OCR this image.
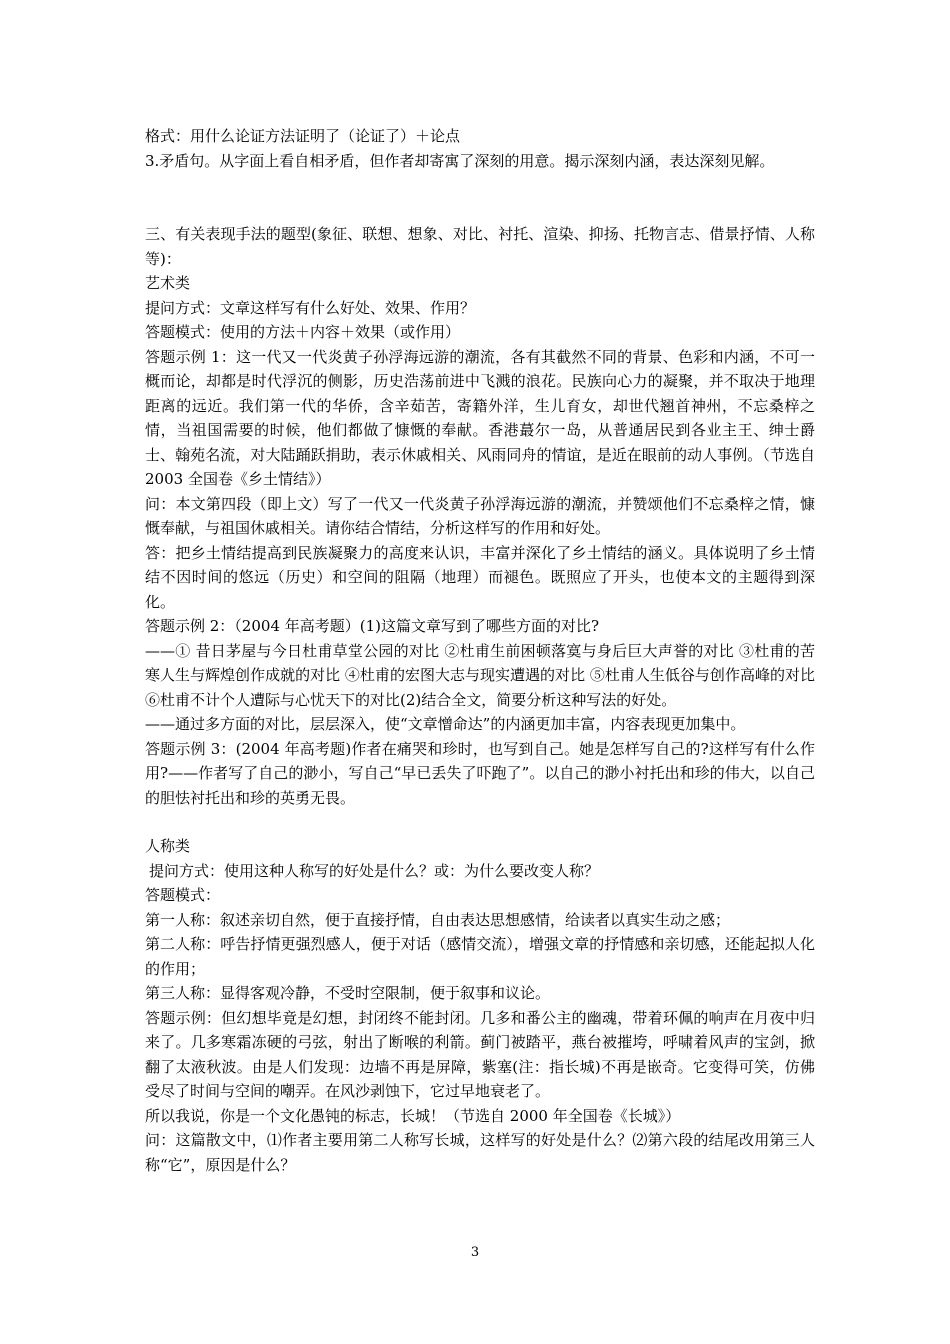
格式：用什么论证方法证明了（论证了）＋论点

3.矛盾句。从字面上看自相矛盾，但作者却寄寓了深刻的用意。揭示深刻内涵，表达深刻见解。

三、有关表现手法的题型(象征、联想、想象、对比、衬托、渲染、抑扬、托物言志、借景抒情、人称等)：

艺术类

提问方式：文章这样写有什么好处、效果、作用？

答题模式：使用的方法＋内容＋效果（或作用）

答题示例 1：这一代又一代炎黄子孙浮海远游的潮流，各有其截然不同的背景、色彩和内涵，不可一概而论，却都是时代浮沉的侧影，历史浩荡前进中飞溅的浪花。民族向心力的凝聚，并不取决于地理距离的远近。我们第一代的华侨，含辛茹苦，寄籍外洋，生儿育女，却世代翘首神州，不忘桑梓之情，当祖国需要的时候，他们都做了慷慨的奉献。香港蕞尔一岛，从普通居民到各业主王、绅士爵士、翰苑名流，对大陆踊跃捐助，表示休戚相关、风雨同舟的情谊，是近在眼前的动人事例。（节选自 2003 全国卷《乡土情结》）

问：本文第四段（即上文）写了一代又一代炎黄子孙浮海远游的潮流，并赞颂他们不忘桑梓之情，慷慨奉献，与祖国休戚相关。请你结合情结，分析这样写的作用和好处。

答：把乡土情结提高到民族凝聚力的高度来认识，丰富并深化了乡土情结的涵义。具体说明了乡土情结不因时间的悠远（历史）和空间的阻隔（地理）而褪色。既照应了开头，也使本文的主题得到深化。

答题示例 2：（2004 年高考题）(1)这篇文章写到了哪些方面的对比?

——① 昔日茅屋与今日杜甫草堂公园的对比 ②杜甫生前困顿落寞与身后巨大声誉的对比 ③杜甫的苦寒人生与辉煌创作成就的对比 ④杜甫的宏图大志与现实遭遇的对比 ⑤杜甫人生低谷与创作高峰的对比 ⑥杜甫不计个人遭际与心忧天下的对比(2)结合全文，简要分析这种写法的好处。

——通过多方面的对比，层层深入，使“文章憎命达”的内涵更加丰富，内容表现更加集中。

答题示例 3：(2004 年高考题)作者在痛哭和珍时，也写到自己。她是怎样写自己的?这样写有什么作用?——作者写了自己的渺小，写自己“早已丢失了吓跑了”。以自己的渺小衬托出和珍的伟大，以自己的胆怯衬托出和珍的英勇无畏。

人称类

提问方式：使用这种人称写的好处是什么？或：为什么要改变人称？

答题模式：

第一人称：叙述亲切自然，便于直接抒情，自由表达思想感情，给读者以真实生动之感；

第二人称：呼告抒情更强烈感人，便于对话（感情交流），增强文章的抒情感和亲切感，还能起拟人化的作用；

第三人称：显得客观冷静，不受时空限制，便于叙事和议论。

答题示例：但幻想毕竟是幻想，封闭终不能封闭。几多和番公主的幽魂，带着环佩的响声在月夜中归来了。几多寒霜冻硬的弓弦，射出了断喉的利箭。蓟门被踏平，燕台被摧垮，呼啸着风声的宝剑，掀翻了太液秋波。由是人们发现：边墙不再是屏障，紫塞(注：指长城)不再是嵌奇。它变得可笑，仿佛受尽了时间与空间的嘲弄。在风沙剥蚀下，它过早地衰老了。

所以我说，你是一个文化愚钝的标志，长城！（节选自 2000 年全国卷《长城》）

问：这篇散文中，⑴作者主要用第二人称写长城，这样写的好处是什么？⑵第六段的结尾改用第三人称“它”，原因是什么？

3
